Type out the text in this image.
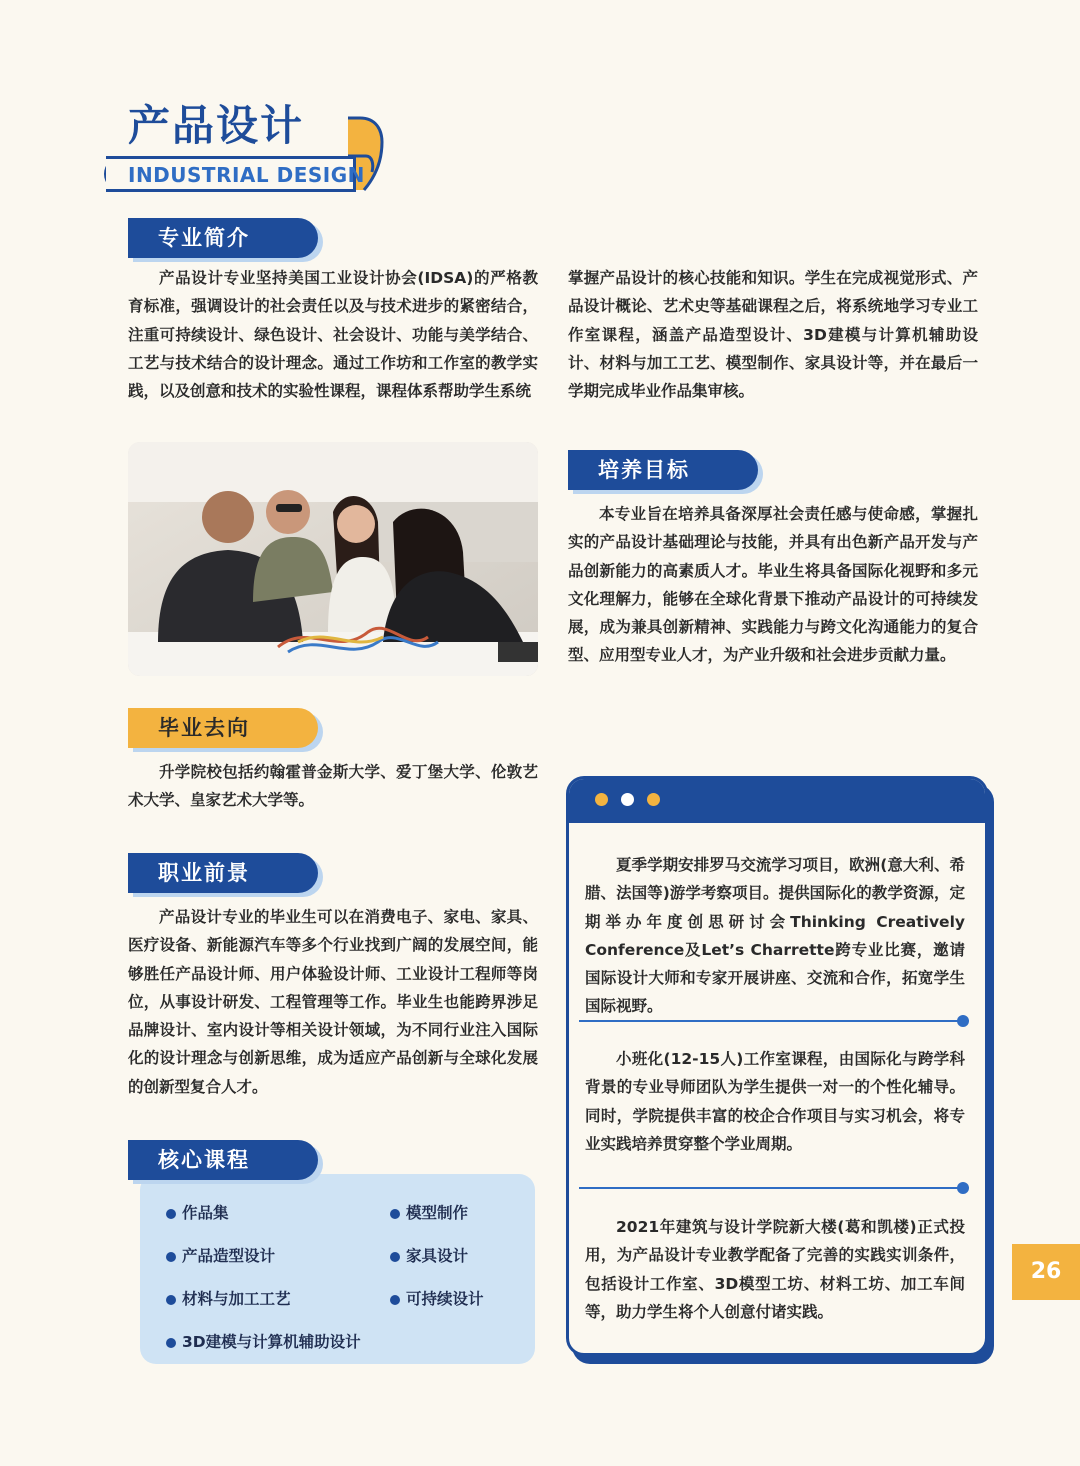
产品设计
INDUSTRIAL DESIGN
专业简介

产品设计专业坚持美国工业设计协会(IDSA)的严格教育标准，强调设计的社会责任以及与技术进步的紧密结合，注重可持续设计、绿色设计、社会设计、功能与美学结合、工艺与技术结合的设计理念。通过工作坊和工作室的教学实践，以及创意和技术的实验性课程，课程体系帮助学生系统

掌握产品设计的核心技能和知识。学生在完成视觉形式、产品设计概论、艺术史等基础课程之后，将系统地学习专业工作室课程，涵盖产品造型设计、3D建模与计算机辅助设计、材料与加工工艺、模型制作、家具设计等，并在最后一学期完成毕业作品集审核。

培养目标

本专业旨在培养具备深厚社会责任感与使命感，掌握扎实的产品设计基础理论与技能，并具有出色新产品开发与产品创新能力的高素质人才。毕业生将具备国际化视野和多元文化理解力，能够在全球化背景下推动产品设计的可持续发展，成为兼具创新精神、实践能力与跨文化沟通能力的复合型、应用型专业人才，为产业升级和社会进步贡献力量。

毕业去向

升学院校包括约翰霍普金斯大学、爱丁堡大学、伦敦艺术大学、皇家艺术大学等。

职业前景

产品设计专业的毕业生可以在消费电子、家电、家具、医疗设备、新能源汽车等多个行业找到广阔的发展空间，能够胜任产品设计师、用户体验设计师、工业设计工程师等岗位，从事设计研发、工程管理等工作。毕业生也能跨界涉足品牌设计、室内设计等相关设计领域，为不同行业注入国际化的设计理念与创新思维，成为适应产品创新与全球化发展的创新型复合人才。

核心课程
作品集	模型制作
产品造型设计	家具设计
材料与加工工艺	可持续设计
3D建模与计算机辅助设计

夏季学期安排罗马交流学习项目，欧洲(意大利、希腊、法国等)游学考察项目。提供国际化的教学资源，定期举办年度创思研讨会Thinking Creatively Conference及Let’s Charrette跨专业比赛，邀请国际设计大师和专家开展讲座、交流和合作，拓宽学生国际视野。

小班化(12-15人)工作室课程，由国际化与跨学科背景的专业导师团队为学生提供一对一的个性化辅导。同时，学院提供丰富的校企合作项目与实习机会，将专业实践培养贯穿整个学业周期。

2021年建筑与设计学院新大楼(葛和凯楼)正式投用，为产品设计专业教学配备了完善的实践实训条件，包括设计工作室、3D模型工坊、材料工坊、加工车间等，助力学生将个人创意付诸实践。

26
